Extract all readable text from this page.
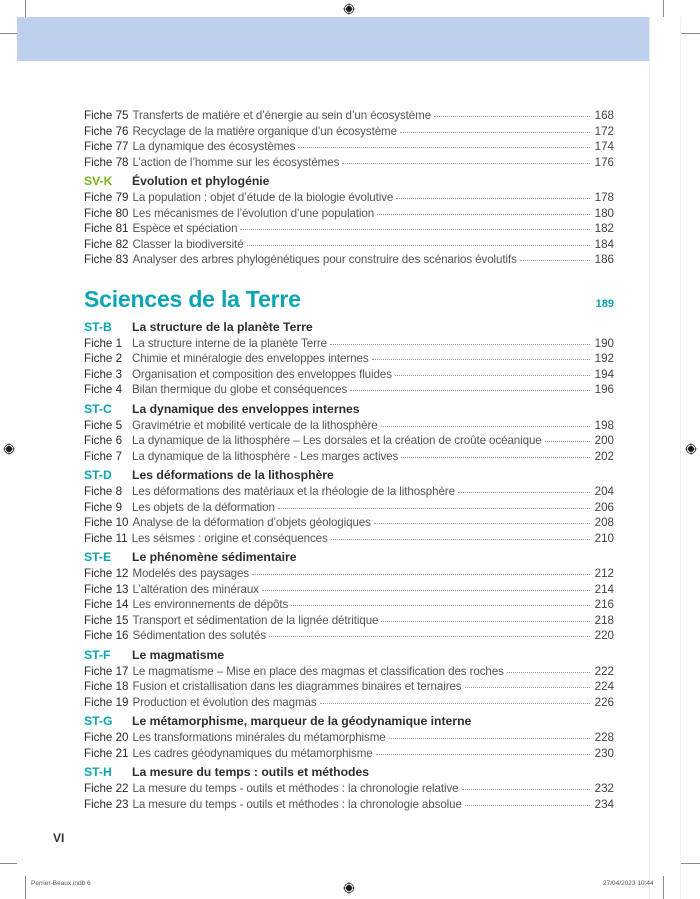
Fiche 75 Transferts de matière et d’énergie au sein d’un écosystème	168
Fiche 76 Recyclage de la matière organique d’un écosystème	172
Fiche 77 La dynamique des écosystèmes	174
Fiche 78 L’action de l’homme sur les écosystèmes	176
SV-K	Évolution et phylogénie
Fiche 79 La population : objet d’étude de la biologie évolutive	178
Fiche 80 Les mécanismes de l’évolution d’une population	180
Fiche 81 Espèce et spéciation	182
Fiche 82 Classer la biodiversité	184
Fiche 83 Analyser des arbres phylogénétiques pour construire des scénarios évolutifs	186
Sciences de la Terre	189
ST-B	La structure de la planète Terre
Fiche 1 La structure interne de la planète Terre	190
Fiche 2 Chimie et minéralogie des enveloppes internes	192
Fiche 3 Organisation et composition des enveloppes fluides	194
Fiche 4 Bilan thermique du globe et conséquences	196
ST-C	La dynamique des enveloppes internes
Fiche 5 Gravimétrie et mobilité verticale de la lithosphère	198
Fiche 6 La dynamique de la lithosphère – Les dorsales et la création de croûte océanique	200
Fiche 7 La dynamique de la lithosphère - Les marges actives	202
ST-D	Les déformations de la lithosphère
Fiche 8 Les déformations des matériaux et la rhéologie de la lithosphère	204
Fiche 9 Les objets de la déformation	206
Fiche 10 Analyse de la déformation d’objets géologiques	208
Fiche 11 Les séismes : origine et conséquences	210
ST-E	Le phénomène sédimentaire
Fiche 12 Modelés des paysages	212
Fiche 13 L’altération des minéraux	214
Fiche 14 Les environnements de dépôts	216
Fiche 15 Transport et sédimentation de la lignée détritique	218
Fiche 16 Sédimentation des solutés	220
ST-F	Le magmatisme
Fiche 17 Le magmatisme – Mise en place des magmas et classification des roches	222
Fiche 18 Fusion et cristallisation dans les diagrammes binaires et ternaires	224
Fiche 19 Production et évolution des magmas	226
ST-G	Le métamorphisme, marqueur de la géodynamique interne
Fiche 20 Les transformations minérales du métamorphisme	228
Fiche 21 Les cadres géodynamiques du métamorphisme	230
ST-H	La mesure du temps : outils et méthodes
Fiche 22 La mesure du temps - outils et méthodes : la chronologie relative	232
Fiche 23 La mesure du temps - outils et méthodes : la chronologie absolue	234
VI
Perrier-Beaux.indb 6	27/04/2023 10:44
